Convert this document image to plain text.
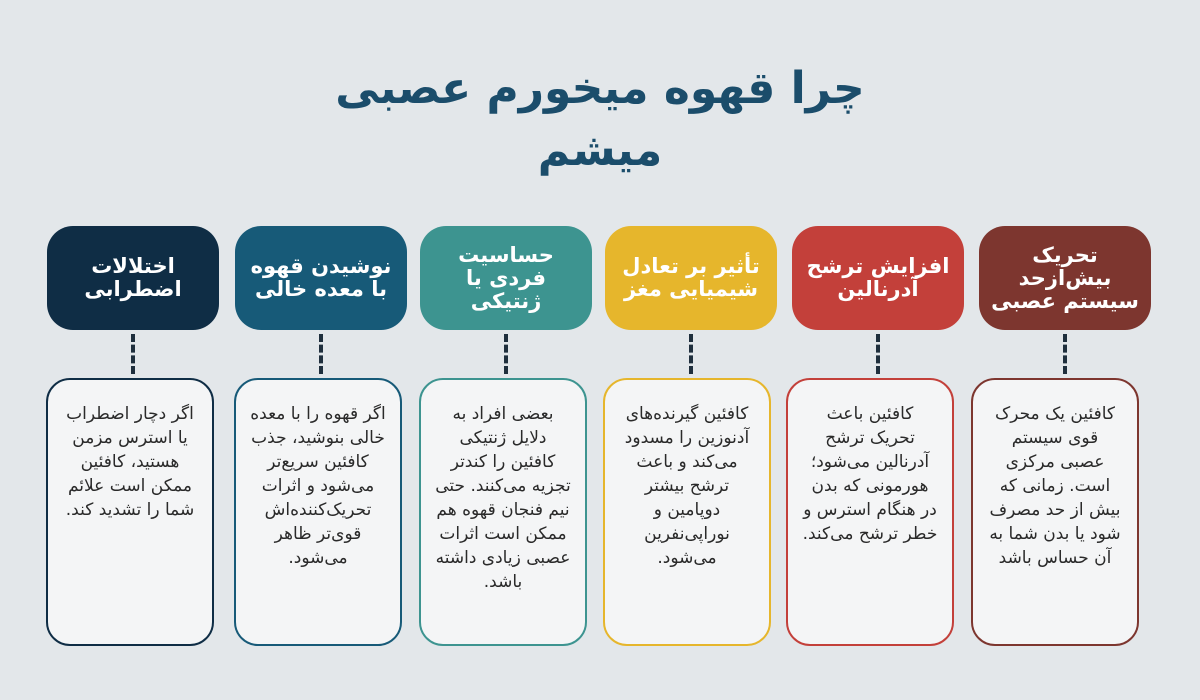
چرا قهوه میخورم عصبی
میشم
تحریک بیش‌ازحد سیستم عصبی
کافئین یک محرک قوی سیستم عصبی مرکزی است. زمانی که بیش از حد مصرف شود یا بدن شما به آن حساس باشد
افزایش ترشح آدرنالین
کافئین باعث تحریک ترشح آدرنالین می‌شود؛ هورمونی که بدن در هنگام استرس و خطر ترشح می‌کند.
تأثیر بر تعادل شیمیایی مغز
کافئین گیرنده‌های آدنوزین را مسدود می‌کند و باعث ترشح بیشتر دوپامین و نوراپی‌نفرین می‌شود.
حساسیت فردی یا ژنتیکی
بعضی افراد به دلایل ژنتیکی کافئین را کندتر تجزیه می‌کنند. حتی نیم فنجان قهوه هم ممکن است اثرات عصبی زیادی داشته باشد.
نوشیدن قهوه با معده خالی
اگر قهوه را با معده خالی بنوشید، جذب کافئین سریع‌تر می‌شود و اثرات تحریک‌کننده‌اش قوی‌تر ظاهر می‌شود.
اختلالات اضطرابی
اگر دچار اضطراب یا استرس مزمن هستید، کافئین ممکن است علائم شما را تشدید کند.
